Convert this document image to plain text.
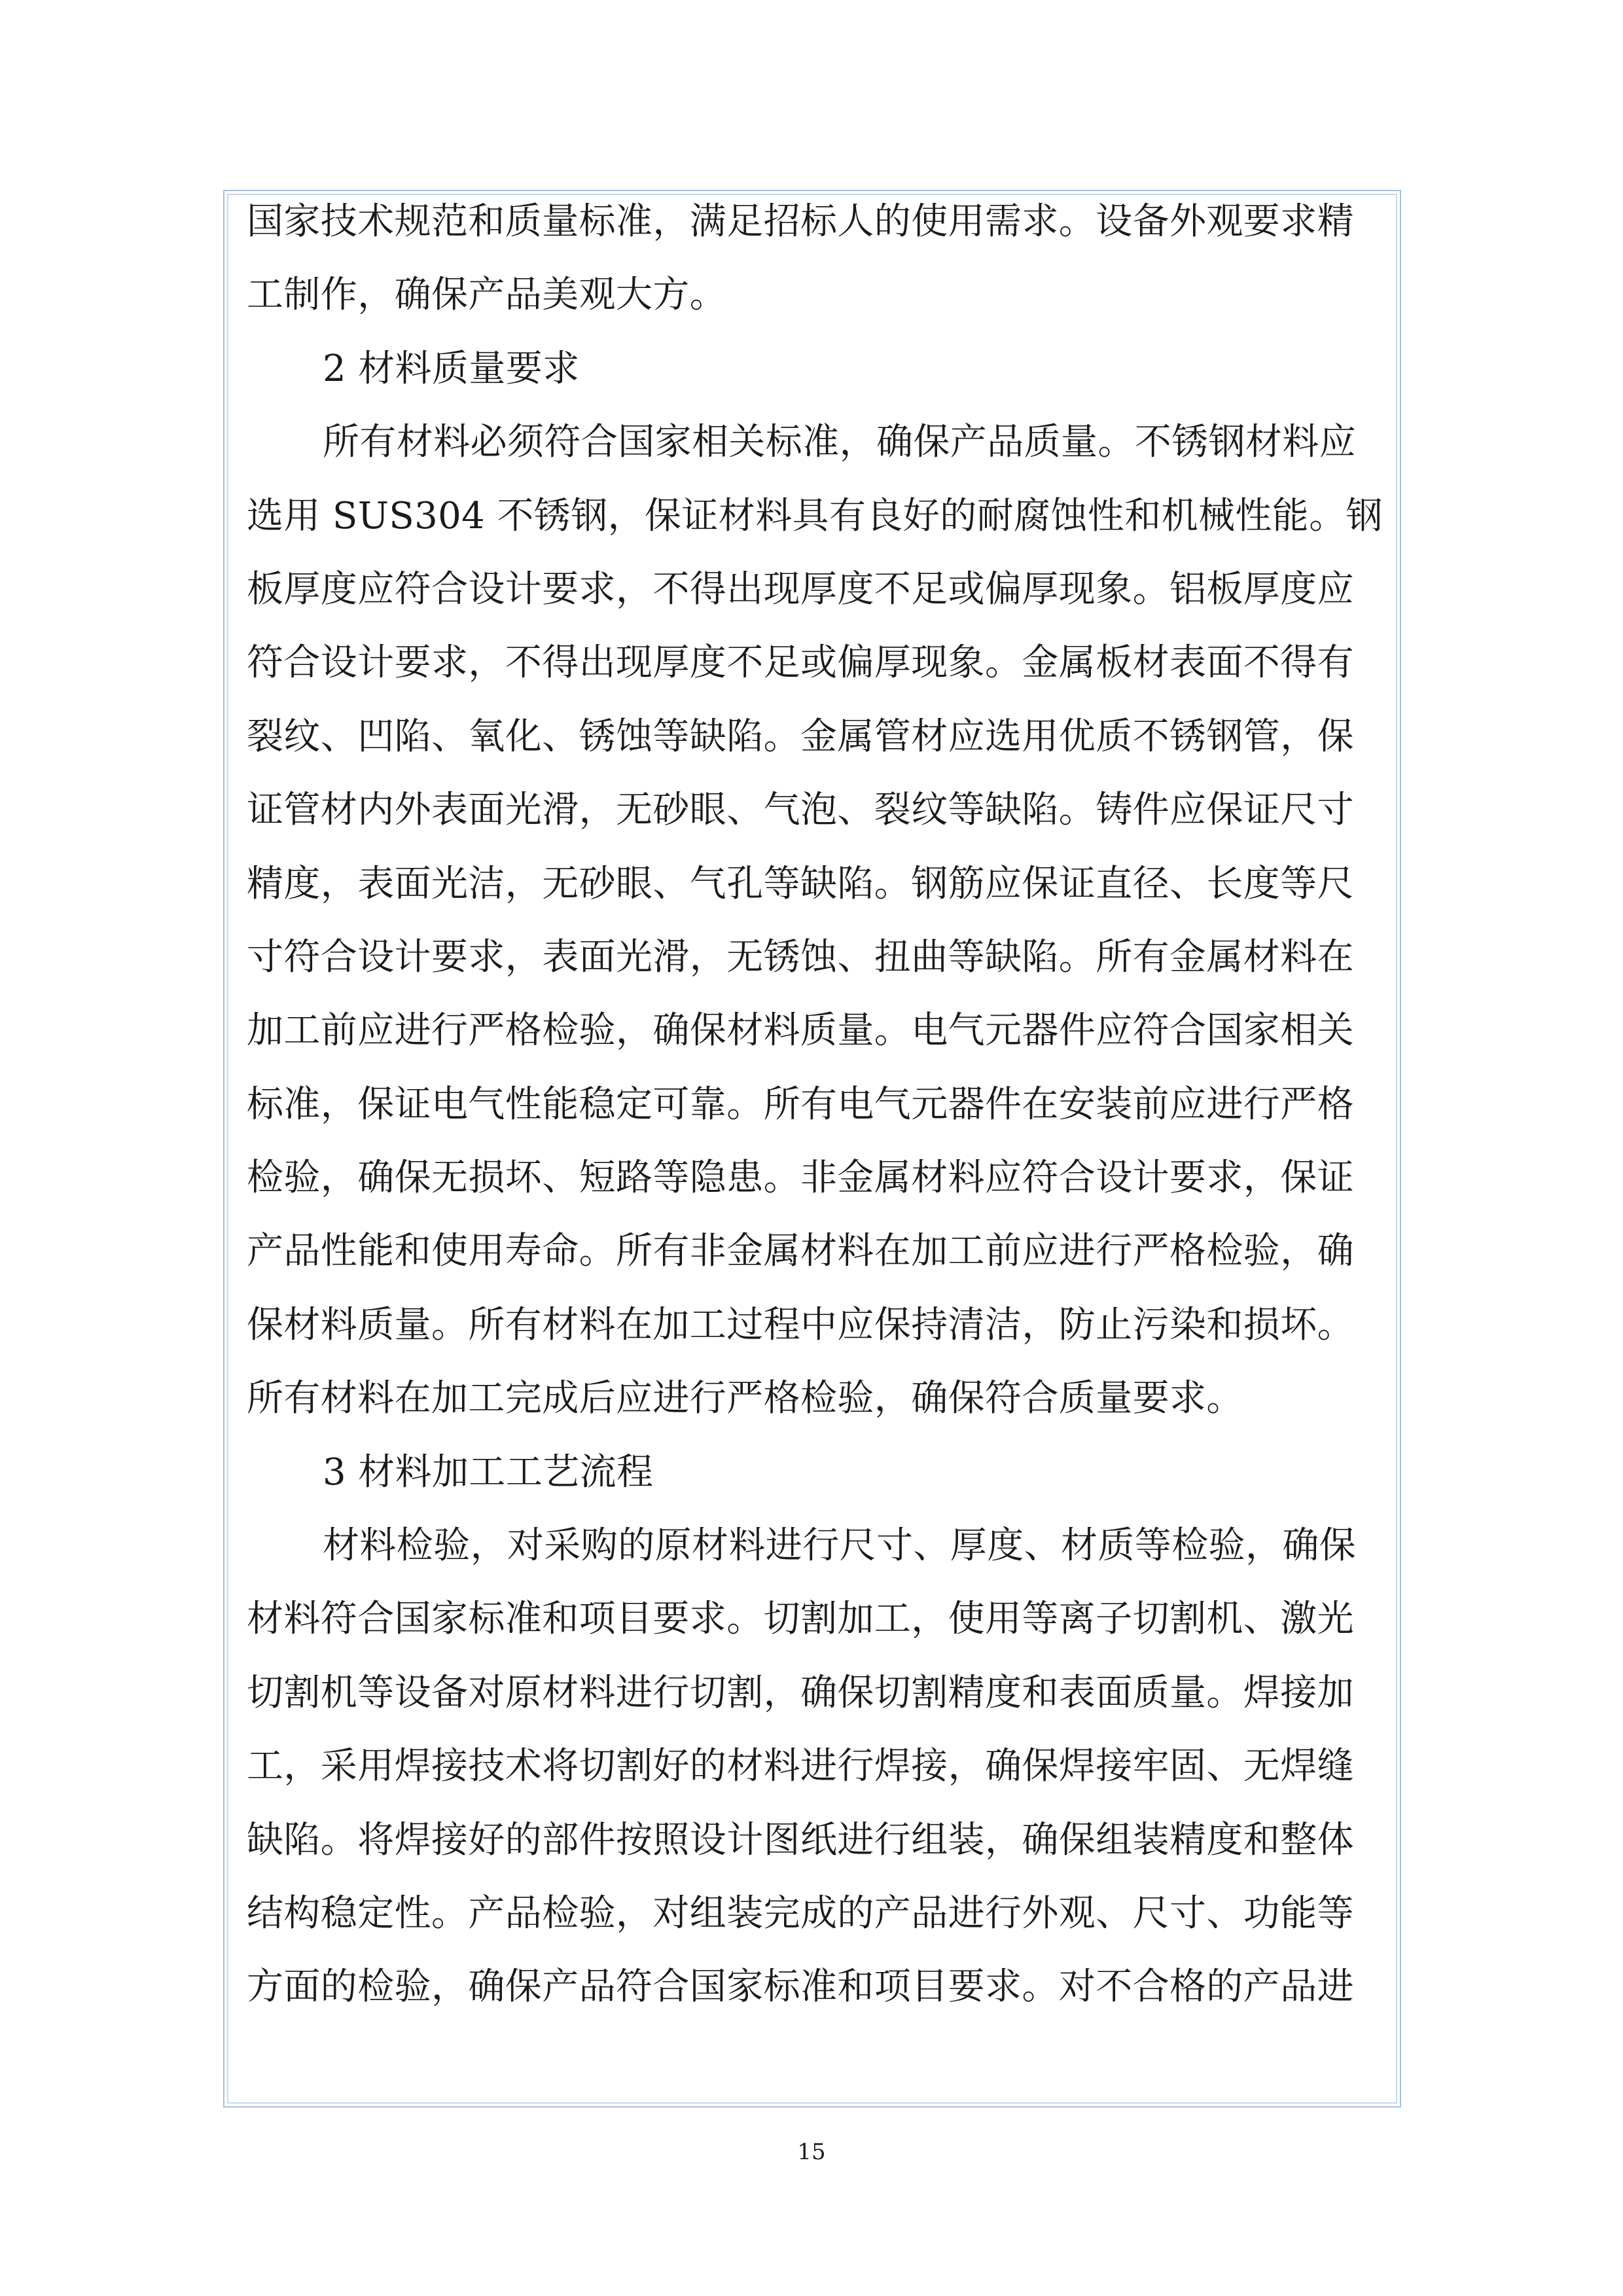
国家技术规范和质量标准，满足招标人的使用需求。设备外观要求精
工制作，确保产品美观大方。
2 材料质量要求
所有材料必须符合国家相关标准，确保产品质量。不锈钢材料应
选用 SUS304 不锈钢，保证材料具有良好的耐腐蚀性和机械性能。钢
板厚度应符合设计要求，不得出现厚度不足或偏厚现象。铝板厚度应
符合设计要求，不得出现厚度不足或偏厚现象。金属板材表面不得有
裂纹、凹陷、氧化、锈蚀等缺陷。金属管材应选用优质不锈钢管，保
证管材内外表面光滑，无砂眼、气泡、裂纹等缺陷。铸件应保证尺寸
精度，表面光洁，无砂眼、气孔等缺陷。钢筋应保证直径、长度等尺
寸符合设计要求，表面光滑，无锈蚀、扭曲等缺陷。所有金属材料在
加工前应进行严格检验，确保材料质量。电气元器件应符合国家相关
标准，保证电气性能稳定可靠。所有电气元器件在安装前应进行严格
检验，确保无损坏、短路等隐患。非金属材料应符合设计要求，保证
产品性能和使用寿命。所有非金属材料在加工前应进行严格检验，确
保材料质量。所有材料在加工过程中应保持清洁，防止污染和损坏。
所有材料在加工完成后应进行严格检验，确保符合质量要求。
3 材料加工工艺流程
材料检验，对采购的原材料进行尺寸、厚度、材质等检验，确保
材料符合国家标准和项目要求。切割加工，使用等离子切割机、激光
切割机等设备对原材料进行切割，确保切割精度和表面质量。焊接加
工，采用焊接技术将切割好的材料进行焊接，确保焊接牢固、无焊缝
缺陷。将焊接好的部件按照设计图纸进行组装，确保组装精度和整体
结构稳定性。产品检验，对组装完成的产品进行外观、尺寸、功能等
方面的检验，确保产品符合国家标准和项目要求。对不合格的产品进
15
